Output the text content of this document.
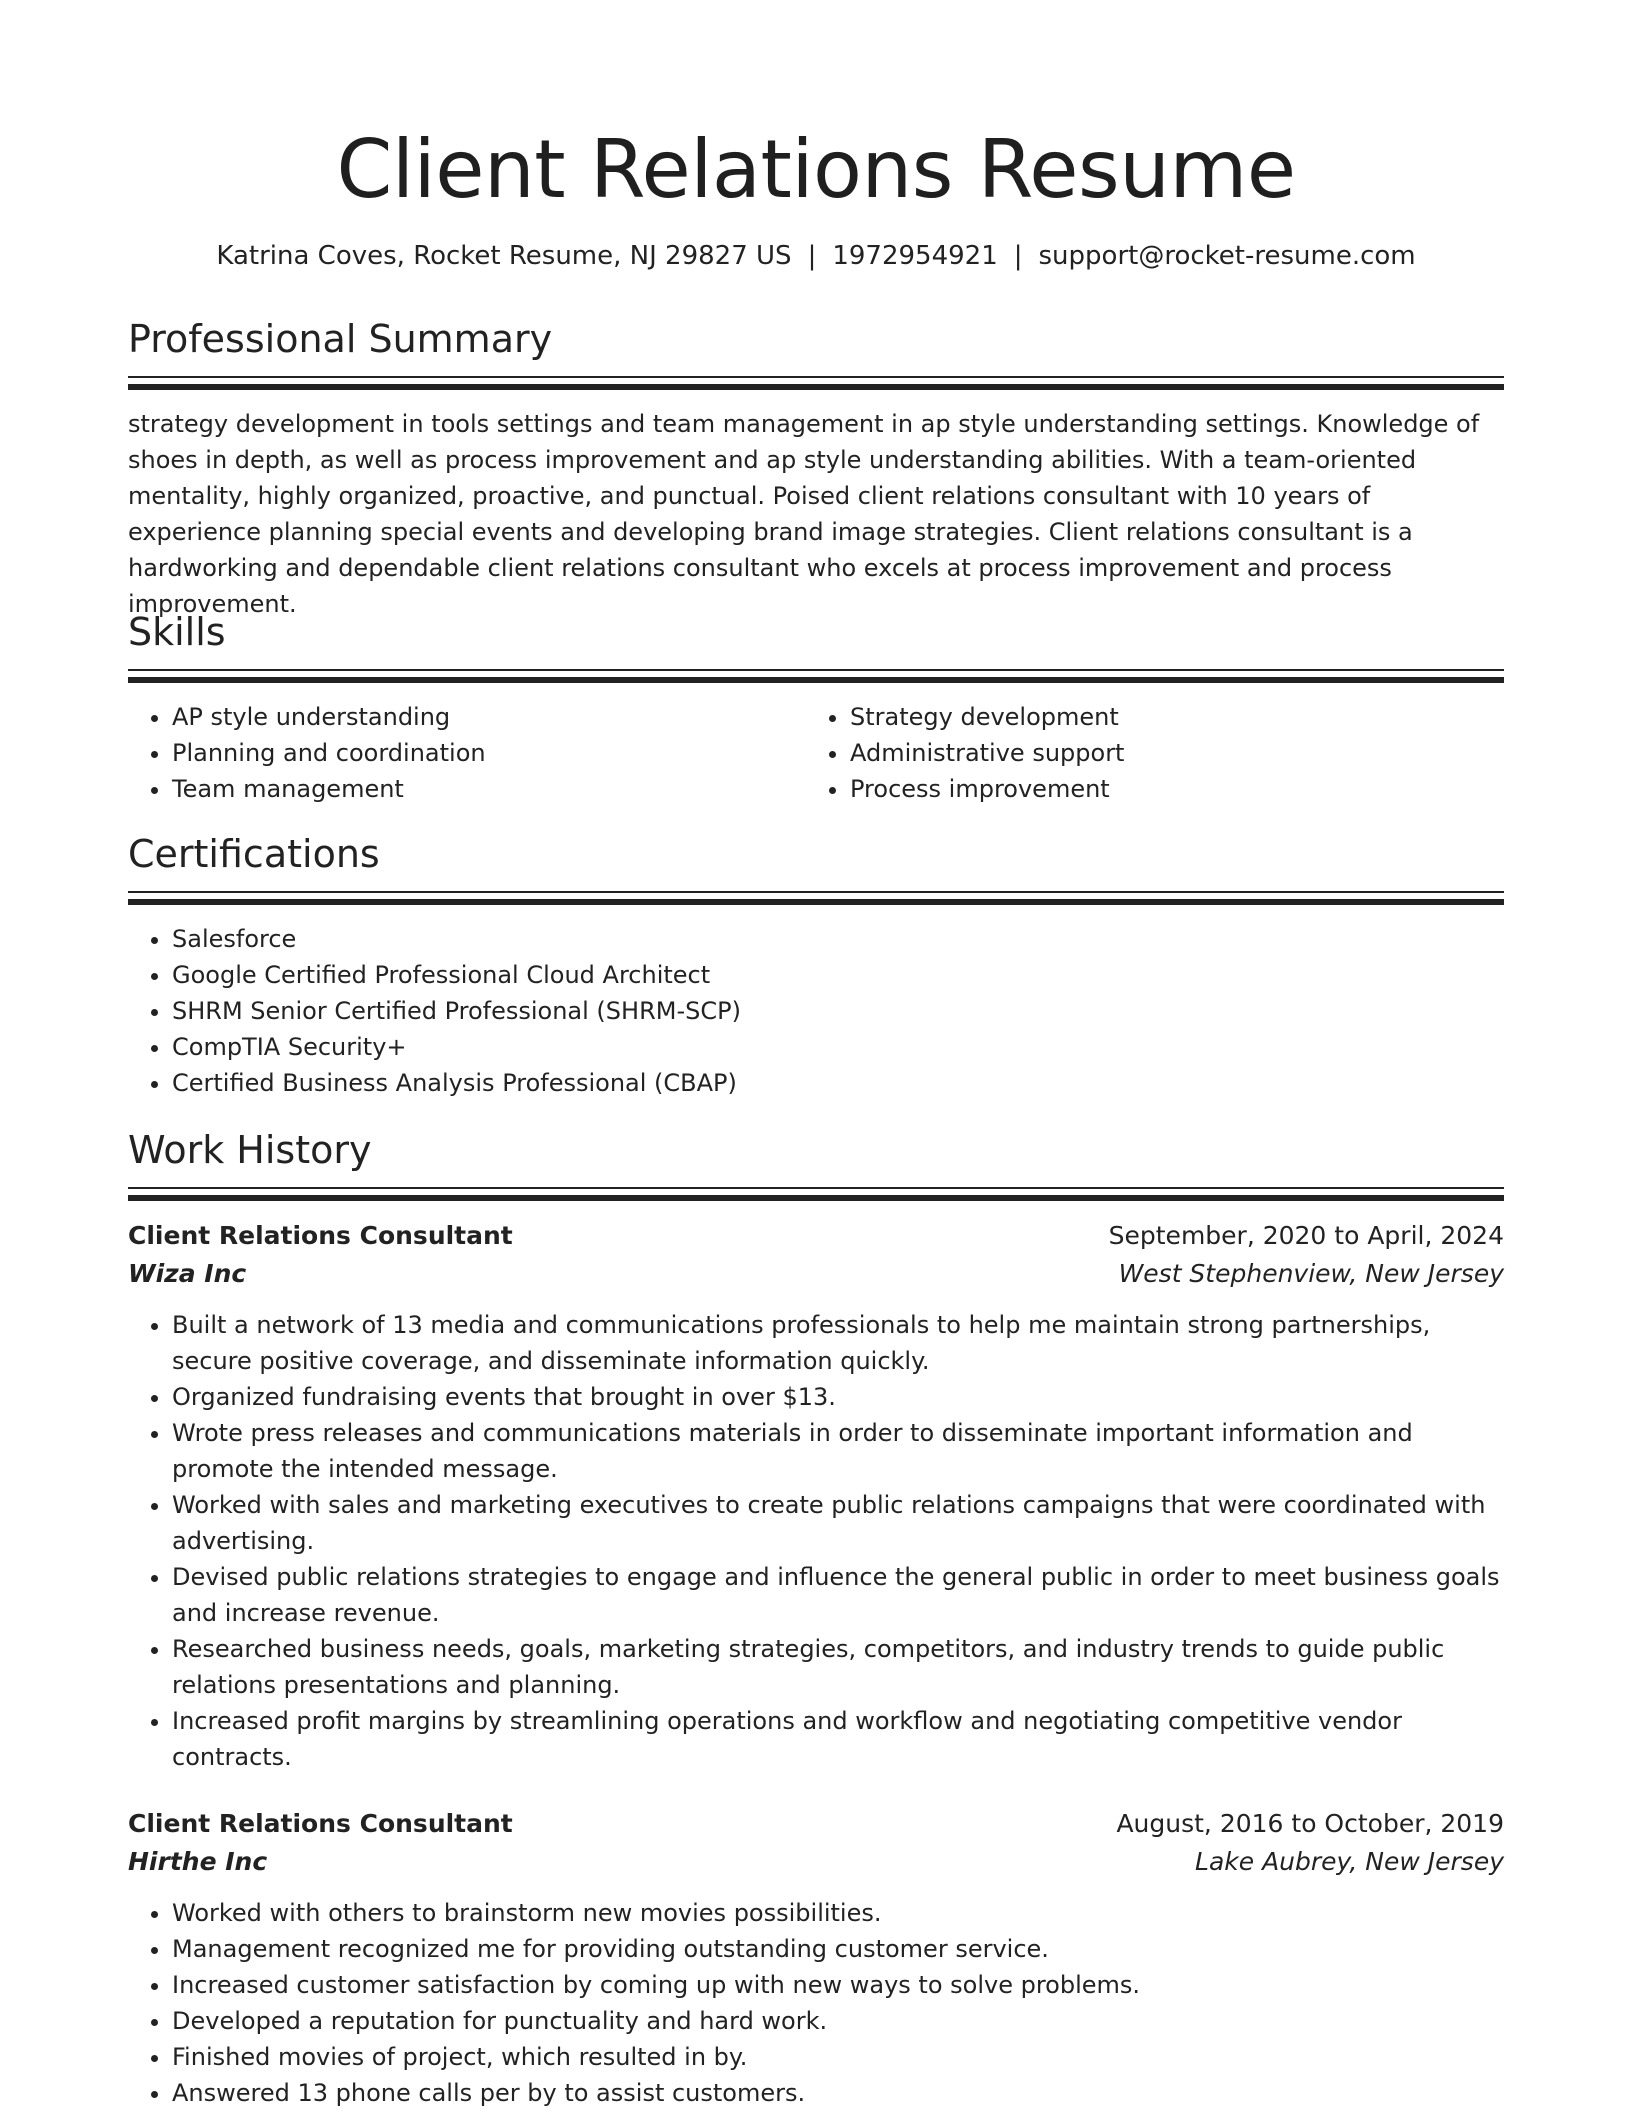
Client Relations Resume
Katrina Coves, Rocket Resume, NJ 29827 US | 1972954921 | support@rocket-resume.com
Professional Summary
strategy development in tools settings and team management in ap style understanding settings. Knowledge of shoes in depth, as well as process improvement and ap style understanding abilities. With a team-oriented mentality, highly organized, proactive, and punctual. Poised client relations consultant with 10 years of experience planning special events and developing brand image strategies. Client relations consultant is a hardworking and dependable client relations consultant who excels at process improvement and process improvement.
Skills
• AP style understanding
• Planning and coordination
• Team management
• Strategy development
• Administrative support
• Process improvement
Certifications
• Salesforce
• Google Certified Professional Cloud Architect
• SHRM Senior Certified Professional (SHRM-SCP)
• CompTIA Security+
• Certified Business Analysis Professional (CBAP)
Work History
Client Relations Consultant	September, 2020 to April, 2024
Wiza Inc	West Stephenview, New Jersey
• Built a network of 13 media and communications professionals to help me maintain strong partnerships, secure positive coverage, and disseminate information quickly.
• Organized fundraising events that brought in over $13.
• Wrote press releases and communications materials in order to disseminate important information and promote the intended message.
• Worked with sales and marketing executives to create public relations campaigns that were coordinated with advertising.
• Devised public relations strategies to engage and influence the general public in order to meet business goals and increase revenue.
• Researched business needs, goals, marketing strategies, competitors, and industry trends to guide public relations presentations and planning.
• Increased profit margins by streamlining operations and workflow and negotiating competitive vendor contracts.
Client Relations Consultant	August, 2016 to October, 2019
Hirthe Inc	Lake Aubrey, New Jersey
• Worked with others to brainstorm new movies possibilities.
• Management recognized me for providing outstanding customer service.
• Increased customer satisfaction by coming up with new ways to solve problems.
• Developed a reputation for punctuality and hard work.
• Finished movies of project, which resulted in by.
• Answered 13 phone calls per by to assist customers.
